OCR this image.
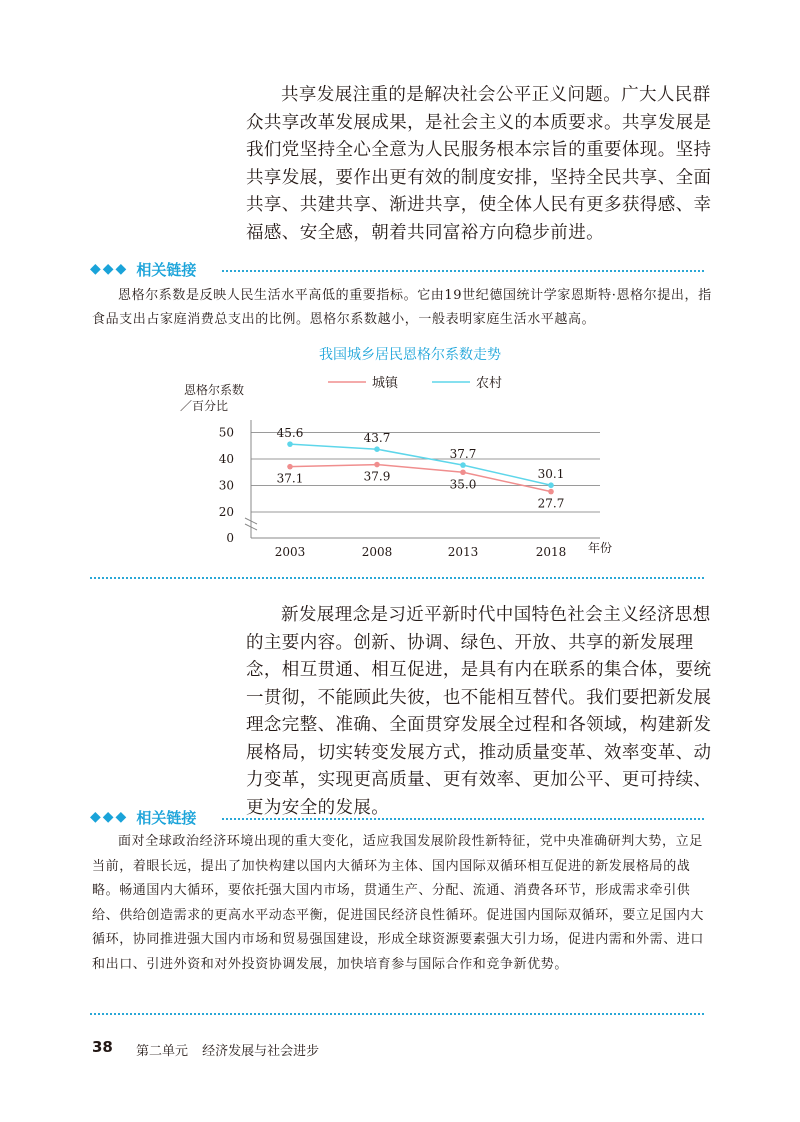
共享发展注重的是解决社会公平正义问题。广大人民群众共享改革发展成果，是社会主义的本质要求。共享发展是我们党坚持全心全意为人民服务根本宗旨的重要体现。坚持共享发展，要作出更有效的制度安排，坚持全民共享、全面共享、共建共享、渐进共享，使全体人民有更多获得感、幸福感、安全感，朝着共同富裕方向稳步前进。

◆◆◆ 相关链接

恩格尔系数是反映人民生活水平高低的重要指标。它由19世纪德国统计学家恩斯特·恩格尔提出，指食品支出占家庭消费总支出的比例。恩格尔系数越小，一般表明家庭生活水平越高。

我国城乡居民恩格尔系数走势
城镇	农村
恩格尔系数
／百分比
0
20
30
40
50
2003	2008	2013	2018 年份
37.1	37.9
35.0
27.7
45.6	43.7
37.7
30.1

新发展理念是习近平新时代中国特色社会主义经济思想的主要内容。创新、协调、绿色、开放、共享的新发展理念，相互贯通、相互促进，是具有内在联系的集合体，要统一贯彻，不能顾此失彼，也不能相互替代。我们要把新发展理念完整、准确、全面贯穿发展全过程和各领域，构建新发展格局，切实转变发展方式，推动质量变革、效率变革、动力变革，实现更高质量、更有效率、更加公平、更可持续、更为安全的发展。

◆◆◆ 相关链接

面对全球政治经济环境出现的重大变化，适应我国发展阶段性新特征，党中央准确研判大势，立足当前，着眼长远，提出了加快构建以国内大循环为主体、国内国际双循环相互促进的新发展格局的战略。畅通国内大循环，要依托强大国内市场，贯通生产、分配、流通、消费各环节，形成需求牵引供给、供给创造需求的更高水平动态平衡，促进国民经济良性循环。促进国内国际双循环，要立足国内大循环，协同推进强大国内市场和贸易强国建设，形成全球资源要素强大引力场，促进内需和外需、进口和出口、引进外资和对外投资协调发展，加快培育参与国际合作和竞争新优势。

38 第二单元 经济发展与社会进步
